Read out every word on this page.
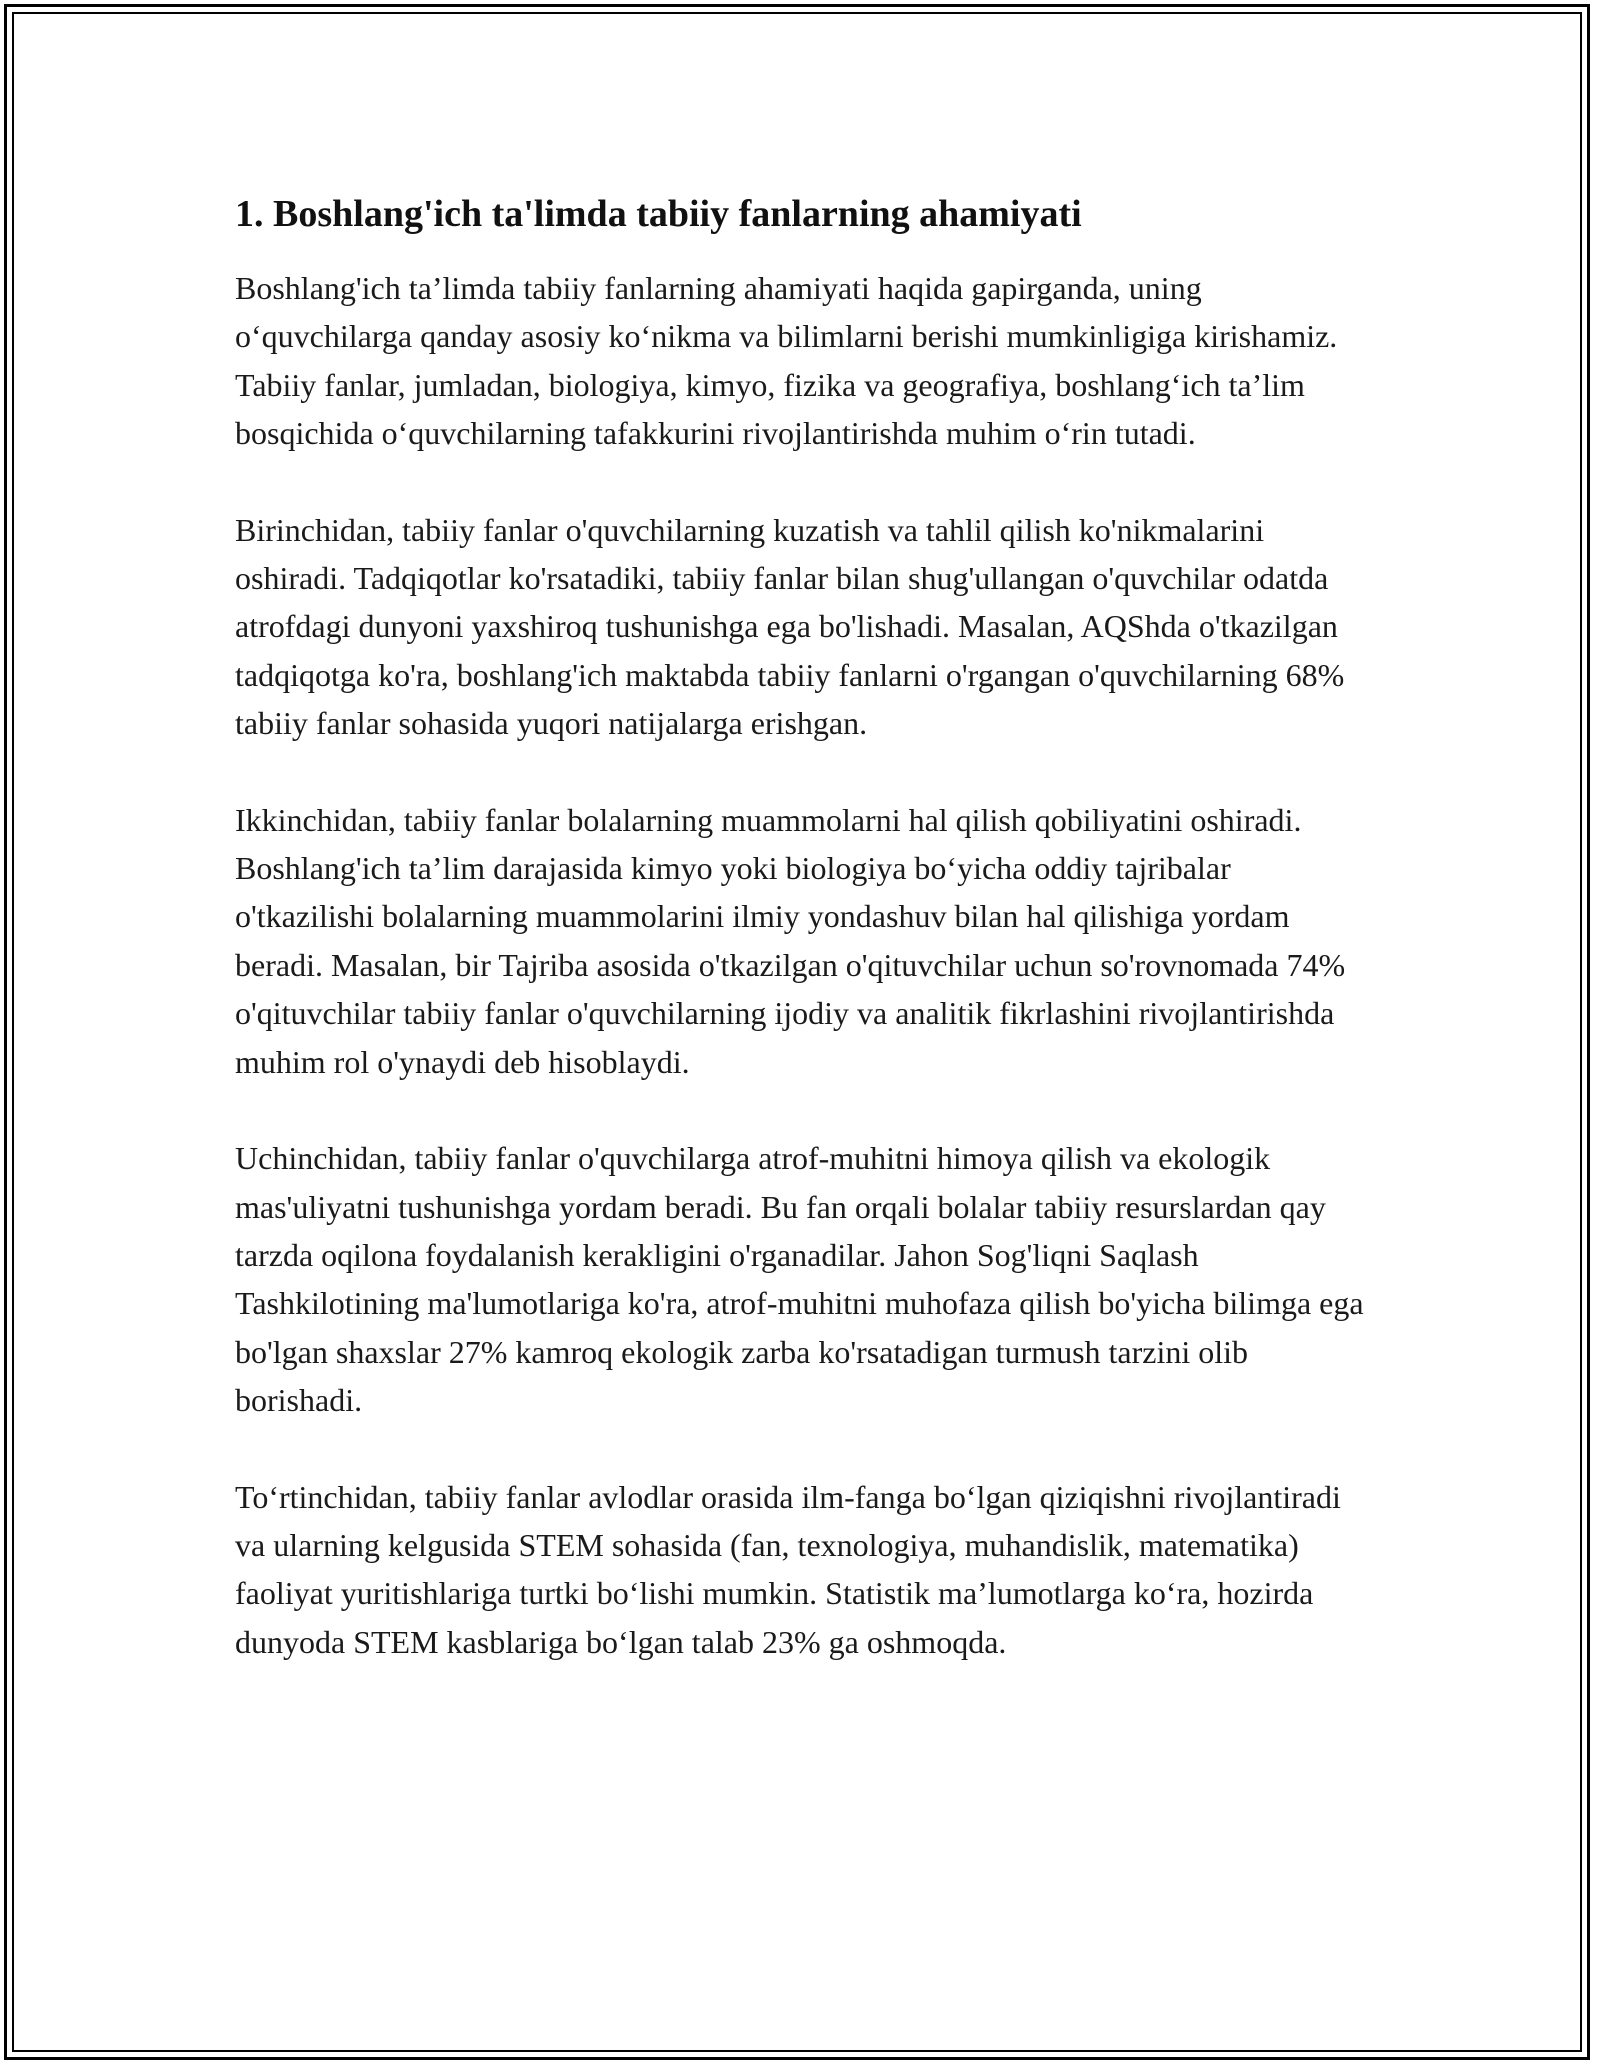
1. Boshlang'ich ta'limda tabiiy fanlarning ahamiyati

Boshlang'ich ta’limda tabiiy fanlarning ahamiyati haqida gapirganda, uning o‘quvchilarga qanday asosiy ko‘nikma va bilimlarni berishi mumkinligiga kirishamiz. Tabiiy fanlar, jumladan, biologiya, kimyo, fizika va geografiya, boshlang‘ich ta’lim bosqichida o‘quvchilarning tafakkurini rivojlantirishda muhim o‘rin tutadi.

Birinchidan, tabiiy fanlar o'quvchilarning kuzatish va tahlil qilish ko'nikmalarini oshiradi. Tadqiqotlar ko'rsatadiki, tabiiy fanlar bilan shug'ullangan o'quvchilar odatda atrofdagi dunyoni yaxshiroq tushunishga ega bo'lishadi. Masalan, AQShda o'tkazilgan tadqiqotga ko'ra, boshlang'ich maktabda tabiiy fanlarni o'rgangan o'quvchilarning 68% tabiiy fanlar sohasida yuqori natijalarga erishgan.

Ikkinchidan, tabiiy fanlar bolalarning muammolarni hal qilish qobiliyatini oshiradi. Boshlang'ich ta’lim darajasida kimyo yoki biologiya bo‘yicha oddiy tajribalar o'tkazilishi bolalarning muammolarini ilmiy yondashuv bilan hal qilishiga yordam beradi. Masalan, bir Tajriba asosida o'tkazilgan o'qituvchilar uchun so'rovnomada 74% o'qituvchilar tabiiy fanlar o'quvchilarning ijodiy va analitik fikrlashini rivojlantirishda muhim rol o'ynaydi deb hisoblaydi.

Uchinchidan, tabiiy fanlar o'quvchilarga atrof-muhitni himoya qilish va ekologik mas'uliyatni tushunishga yordam beradi. Bu fan orqali bolalar tabiiy resurslardan qay tarzda oqilona foydalanish kerakligini o'rganadilar. Jahon Sog'liqni Saqlash Tashkilotining ma'lumotlariga ko'ra, atrof-muhitni muhofaza qilish bo'yicha bilimga ega bo'lgan shaxslar 27% kamroq ekologik zarba ko'rsatadigan turmush tarzini olib borishadi.

To‘rtinchidan, tabiiy fanlar avlodlar orasida ilm-fanga bo‘lgan qiziqishni rivojlantiradi va ularning kelgusida STEM sohasida (fan, texnologiya, muhandislik, matematika) faoliyat yuritishlariga turtki bo‘lishi mumkin. Statistik ma’lumotlarga ko‘ra, hozirda dunyoda STEM kasblariga bo‘lgan talab 23% ga oshmoqda.
